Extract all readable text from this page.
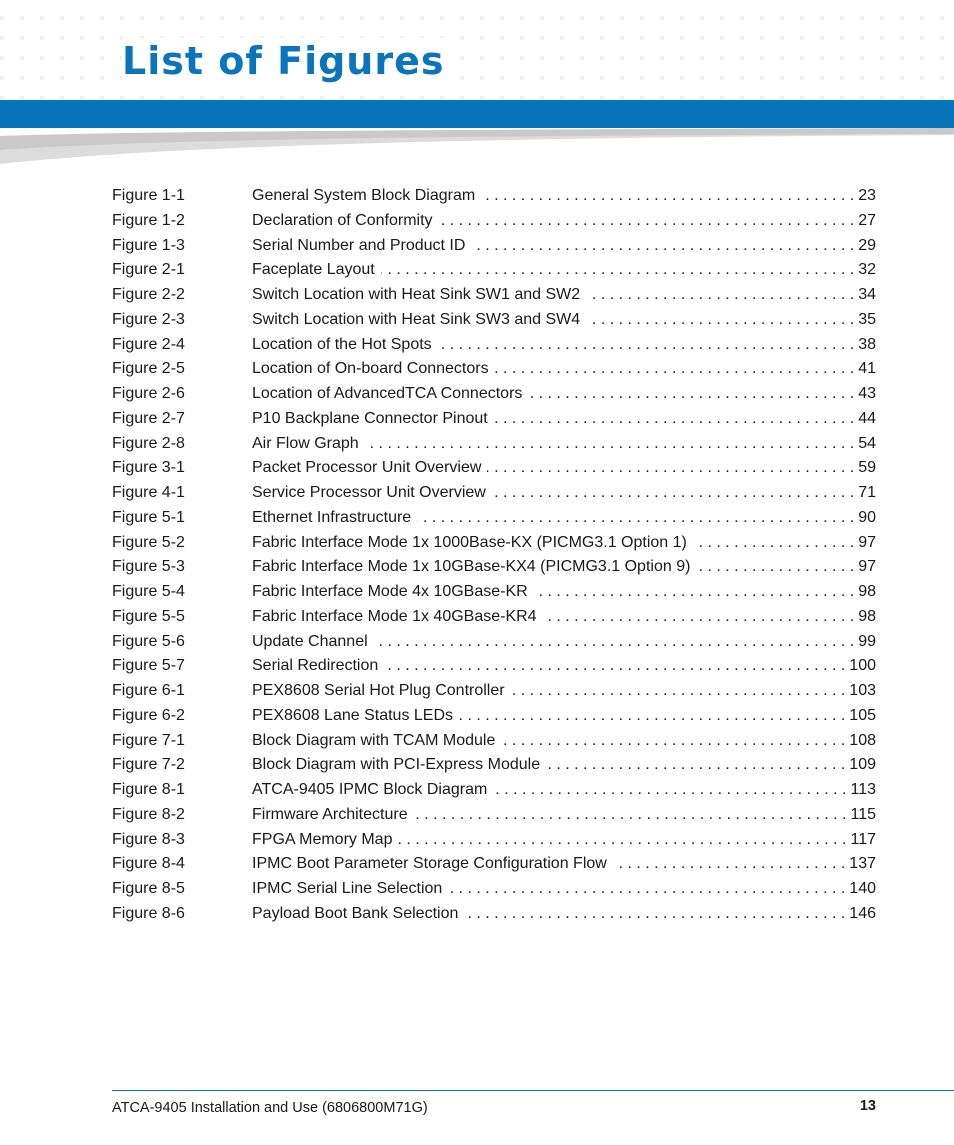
List of Figures
Figure 1-1	General System Block Diagram . . .	23
Figure 1-2	Declaration of Conformity . . .	27
Figure 1-3	Serial Number and Product ID . . .	29
Figure 2-1	Faceplate Layout . . .	32
Figure 2-2	Switch Location with Heat Sink SW1 and SW2 . . .	34
Figure 2-3	Switch Location with Heat Sink SW3 and SW4 . . .	35
Figure 2-4	Location of the Hot Spots . . .	38
Figure 2-5	Location of On-board Connectors . . .	41
Figure 2-6	Location of AdvancedTCA Connectors . . .	43
Figure 2-7	P10 Backplane Connector Pinout . . .	44
Figure 2-8	Air Flow Graph . . .	54
Figure 3-1	Packet Processor Unit Overview . . .	59
Figure 4-1	Service Processor Unit Overview . . .	71
Figure 5-1	Ethernet Infrastructure . . .	90
Figure 5-2	Fabric Interface Mode 1x 1000Base-KX (PICMG3.1 Option 1) . . .	97
Figure 5-3	Fabric Interface Mode 1x 10GBase-KX4 (PICMG3.1 Option 9) . . .	97
Figure 5-4	Fabric Interface Mode 4x 10GBase-KR . . .	98
Figure 5-5	Fabric Interface Mode 1x 40GBase-KR4 . . .	98
Figure 5-6	Update Channel . . .	99
Figure 5-7	Serial Redirection . . .	100
Figure 6-1	PEX8608 Serial Hot Plug Controller . . .	103
Figure 6-2	PEX8608 Lane Status LEDs . . .	105
Figure 7-1	Block Diagram with TCAM Module . . .	108
Figure 7-2	Block Diagram with PCI-Express Module . . .	109
Figure 8-1	ATCA-9405 IPMC Block Diagram . . .	113
Figure 8-2	Firmware Architecture . . .	115
Figure 8-3	FPGA Memory Map . . .	117
Figure 8-4	IPMC Boot Parameter Storage Configuration Flow . . .	137
Figure 8-5	IPMC Serial Line Selection . . .	140
Figure 8-6	Payload Boot Bank Selection . . .	146
ATCA-9405 Installation and Use (6806800M71G)	13
